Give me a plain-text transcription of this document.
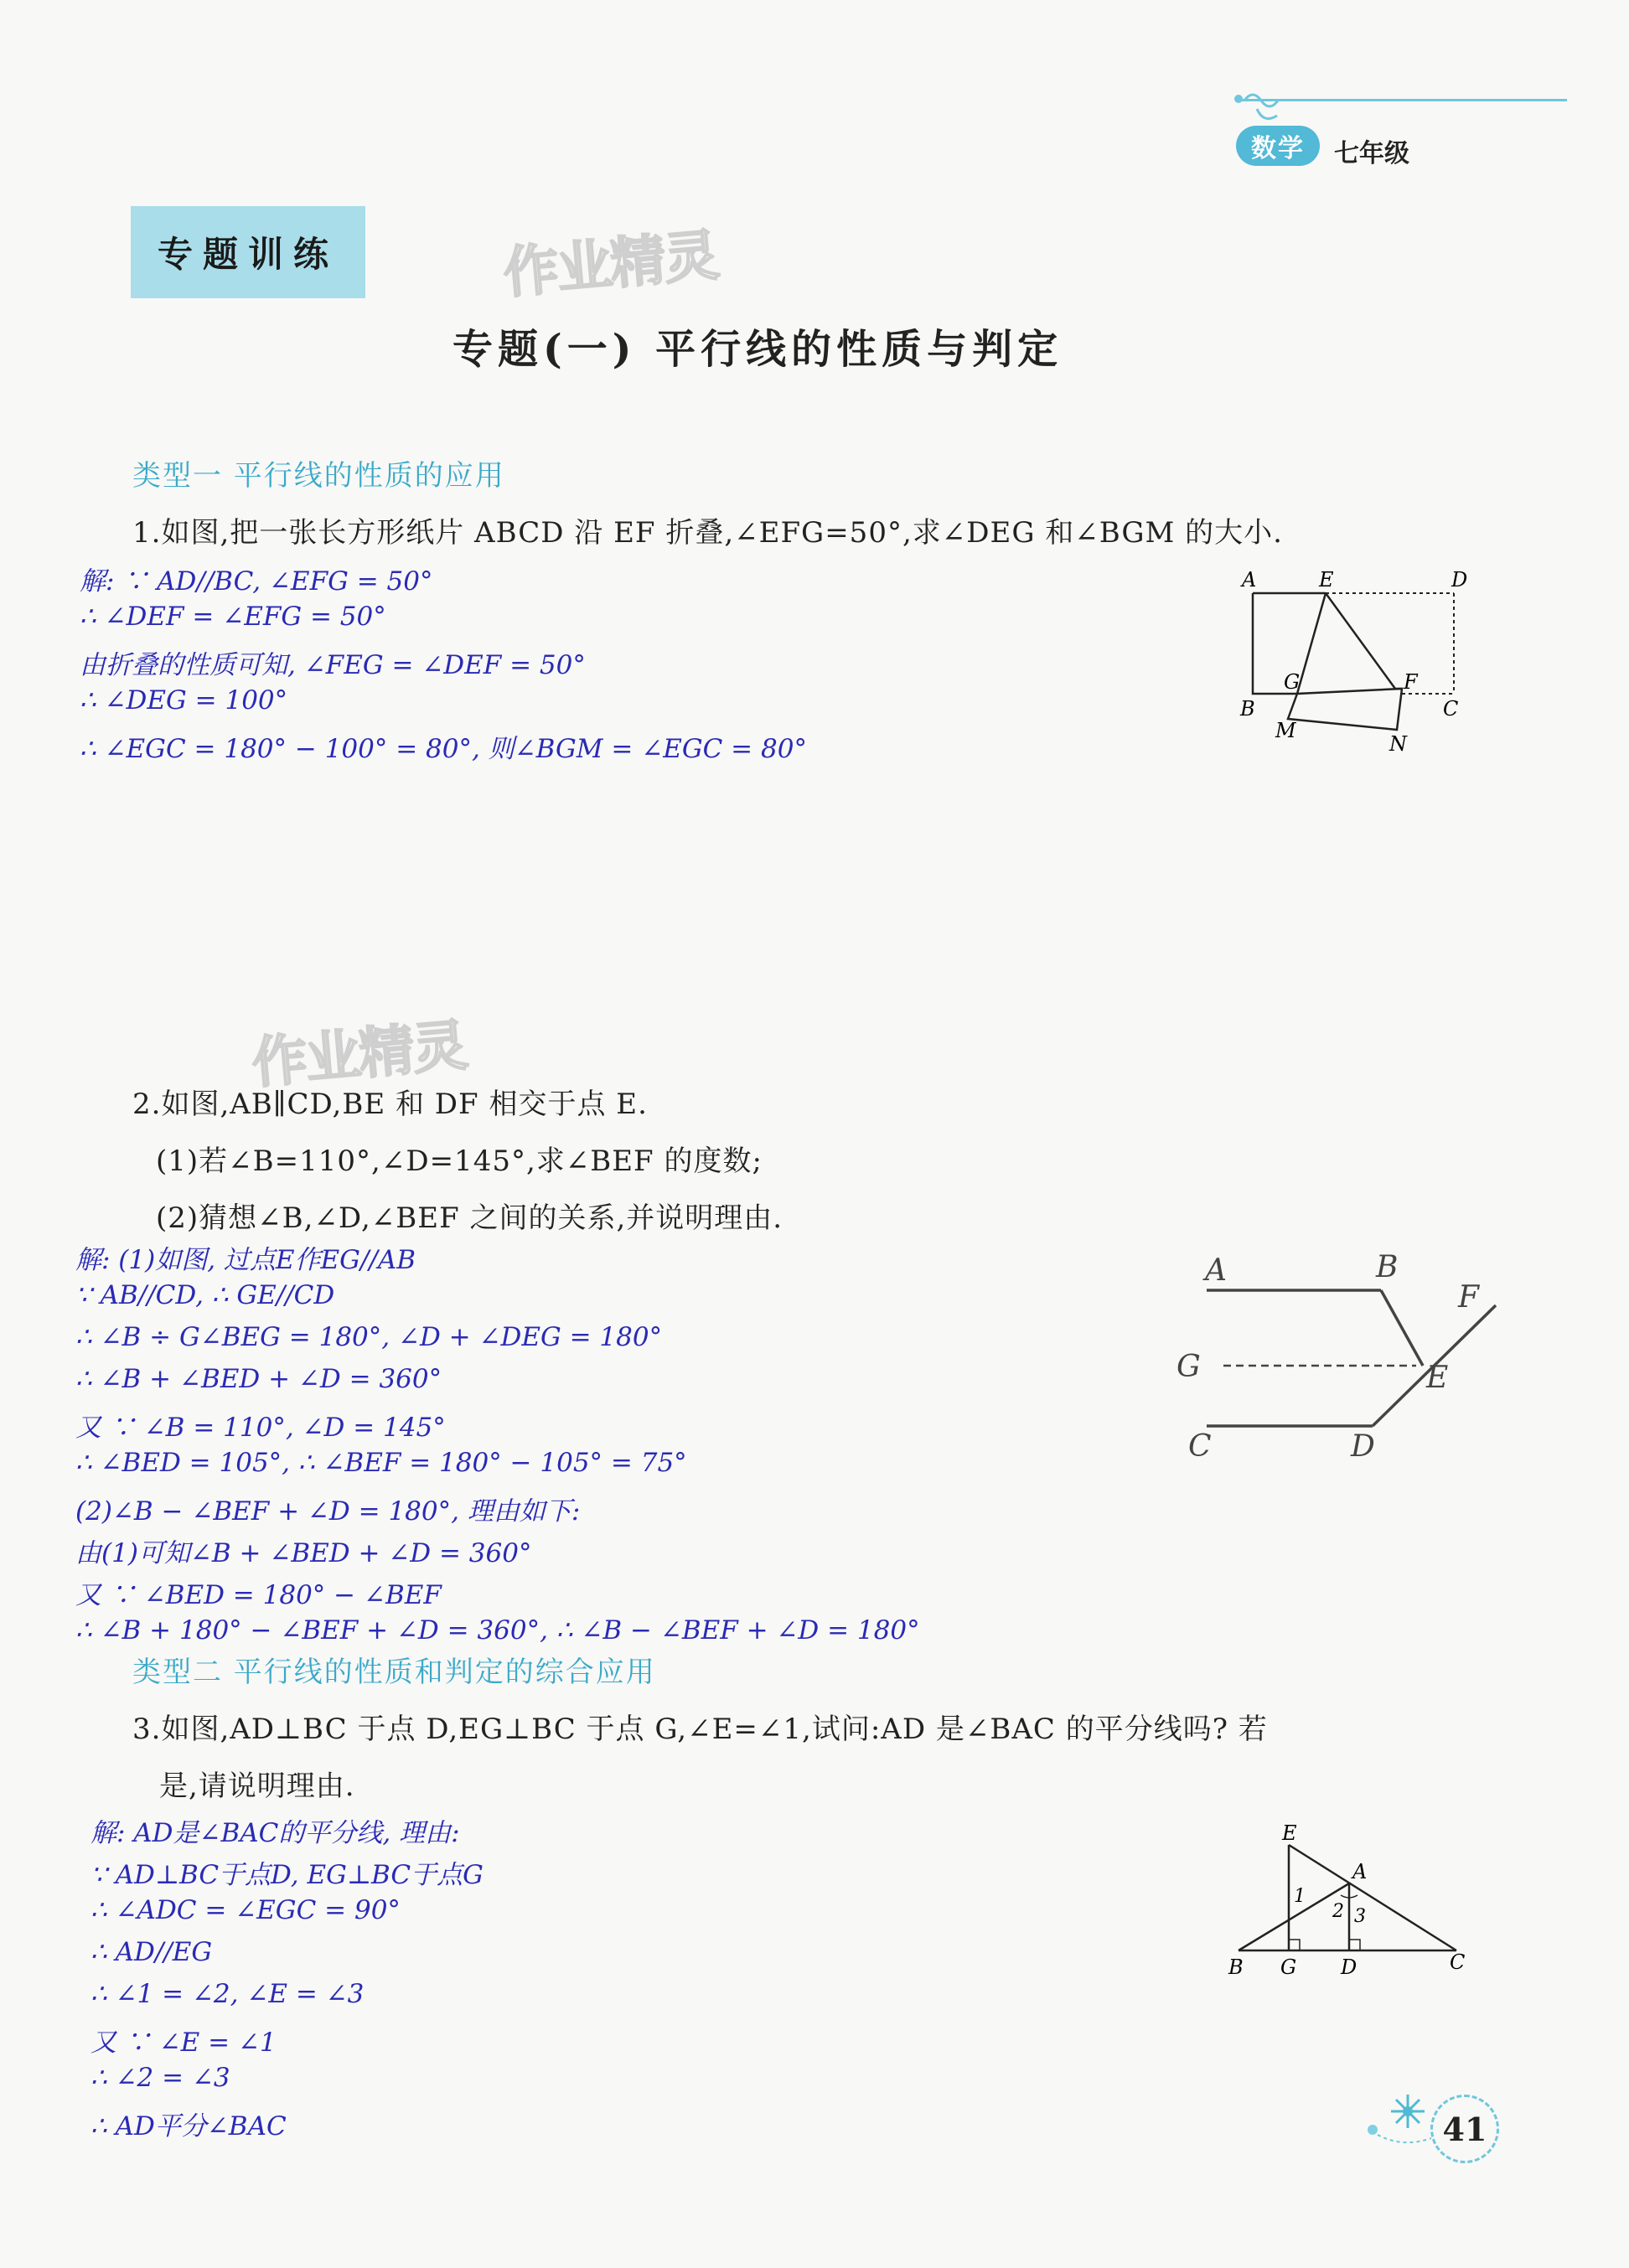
数学	七年级
专题训练	作业精灵
作业精灵
专题(一) 平行线的性质与判定
类型一 平行线的性质的应用
1.如图,把一张长方形纸片 ABCD 沿 EF 折叠,∠EFG=50°,求∠DEG 和∠BGM 的大小.
解: ∵ AD//BC, ∠EFG = 50°
∴ ∠DEF = ∠EFG = 50°
由折叠的性质可知, ∠FEG = ∠DEF = 50°
∴ ∠DEG = 100°
∴ ∠EGC = 180° − 100° = 80°, 则∠BGM = ∠EGC = 80°
A	E	D
G	F
B	C
M
N
2.如图,AB∥CD,BE 和 DF 相交于点 E.
(1)若∠B=110°,∠D=145°,求∠BEF 的度数;
(2)猜想∠B,∠D,∠BEF 之间的关系,并说明理由.
解: (1)如图, 过点E作EG//AB
∵ AB//CD, ∴ GE//CD
∴ ∠B ÷ G∠BEG = 180°, ∠D + ∠DEG = 180°
∴ ∠B + ∠BED + ∠D = 360°
又 ∵ ∠B = 110°, ∠D = 145°
∴ ∠BED = 105°, ∴ ∠BEF = 180° − 105° = 75°
(2)∠B − ∠BEF + ∠D = 180°, 理由如下:
由(1)可知∠B + ∠BED + ∠D = 360°
又 ∵ ∠BED = 180° − ∠BEF
∴ ∠B + 180° − ∠BEF + ∠D = 360°, ∴ ∠B − ∠BEF + ∠D = 180°
A	B
F
G	E
C	D
类型二 平行线的性质和判定的综合应用
3.如图,AD⊥BC 于点 D,EG⊥BC 于点 G,∠E=∠1,试问:AD 是∠BAC 的平分线吗? 若
是,请说明理由.
解: AD是∠BAC的平分线, 理由:
∵ AD⊥BC于点D, EG⊥BC于点G
∴ ∠ADC = ∠EGC = 90°
∴ AD//EG
∴ ∠1 = ∠2, ∠E = ∠3
又 ∵ ∠E = ∠1
∴ ∠2 = ∠3
∴ AD平分∠BAC
E
A
1
2 3
B G D	C
41
